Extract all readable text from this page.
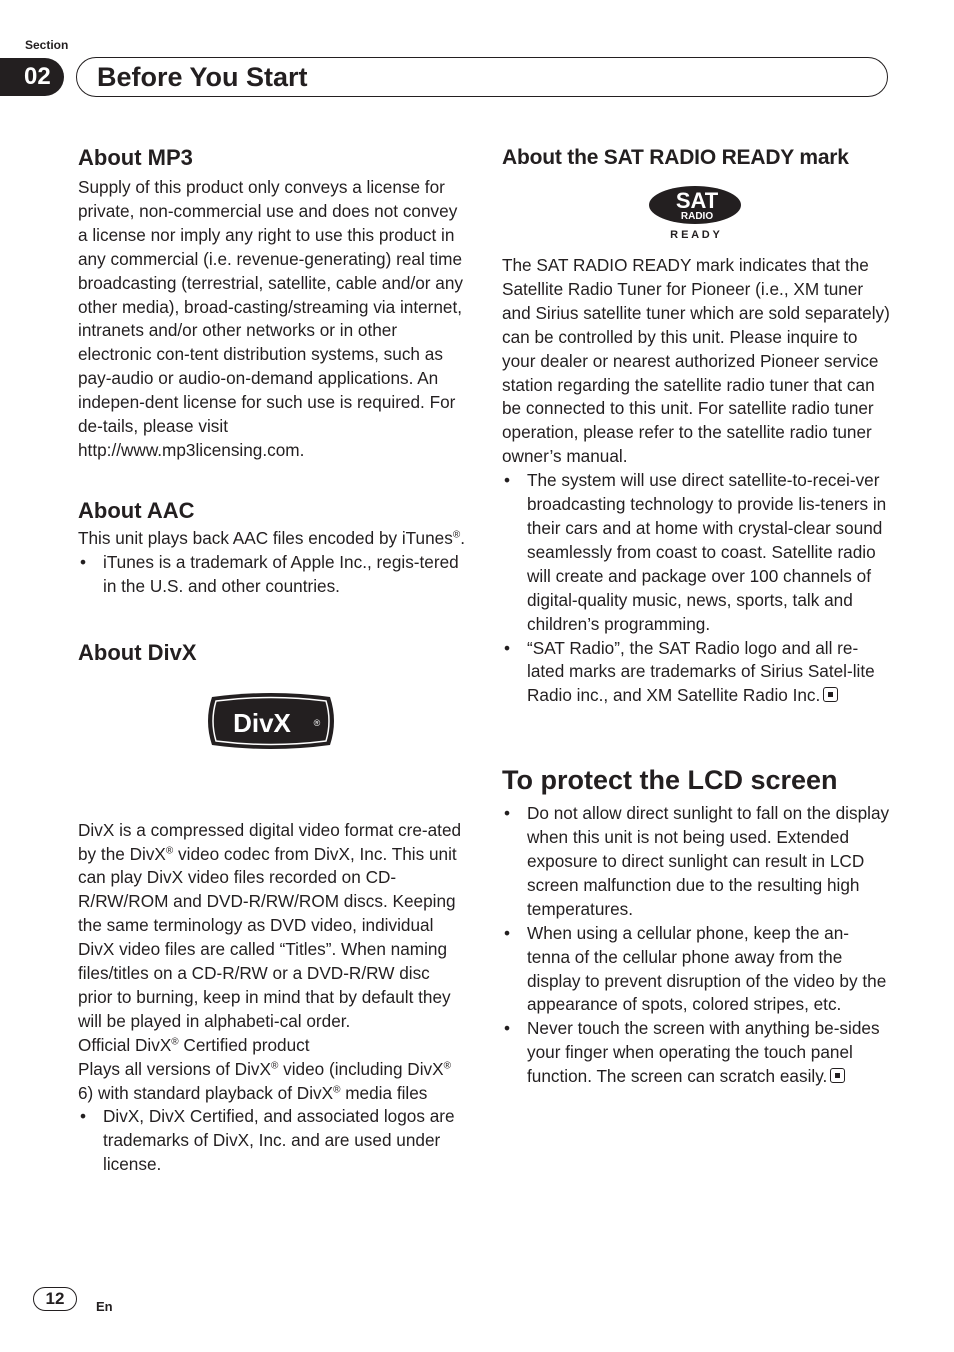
Section
02	Before You Start
About MP3

Supply of this product only conveys a license for private, non-commercial use and does not convey a license nor imply any right to use this product in any commercial (i.e. revenue-generating) real time broadcasting (terrestrial, satellite, cable and/or any other media), broad-casting/streaming via internet, intranets and/or other networks or in other electronic con-tent distribution systems, such as pay-audio or audio-on-demand applications. An indepen-dent license for such use is required. For de-tails, please visit

http://www.mp3licensing.com.

About AAC

This unit plays back AAC files encoded by iTunes®.

• iTunes is a trademark of Apple Inc., regis-tered in the U.S. and other countries.
About DivX
DivX	®

DivX is a compressed digital video format cre-ated by the DivX® video codec from DivX, Inc. This unit can play DivX video files recorded on CD-R/RW/ROM and DVD-R/RW/ROM discs. Keeping the same terminology as DVD video, individual DivX video files are called “Titles”. When naming files/titles on a CD-R/RW or a DVD-R/RW disc prior to burning, keep in mind that by default they will be played in alphabeti-cal order.

Official DivX® Certified product

Plays all versions of DivX® video (including DivX® 6) with standard playback of DivX® media files

• DivX, DivX Certified, and associated logos are trademarks of DivX, Inc. and are used under license.
About the SAT RADIO READY mark
SAT
RADIO
R E A D Y

The SAT RADIO READY mark indicates that the Satellite Radio Tuner for Pioneer (i.e., XM tuner and Sirius satellite tuner which are sold separately) can be controlled by this unit. Please inquire to your dealer or nearest authorized Pioneer service station regarding the satellite radio tuner that can be connected to this unit. For satellite radio tuner operation, please refer to the satellite radio tuner owner’s manual.

• The system will use direct satellite-to-recei-ver broadcasting technology to provide lis-teners in their cars and at home with crystal-clear sound seamlessly from coast to coast. Satellite radio will create and package over 100 channels of digital-quality music, news, sports, talk and children’s programming.
• “SAT Radio”, the SAT Radio logo and all re-lated marks are trademarks of Sirius Satel-lite Radio inc., and XM Satellite Radio Inc.
To protect the LCD screen
• Do not allow direct sunlight to fall on the display when this unit is not being used. Extended exposure to direct sunlight can result in LCD screen malfunction due to the resulting high temperatures.
• When using a cellular phone, keep the an-tenna of the cellular phone away from the display to prevent disruption of the video by the appearance of spots, colored stripes, etc.
• Never touch the screen with anything be-sides your finger when operating the touch panel function. The screen can scratch easily.
12	En
